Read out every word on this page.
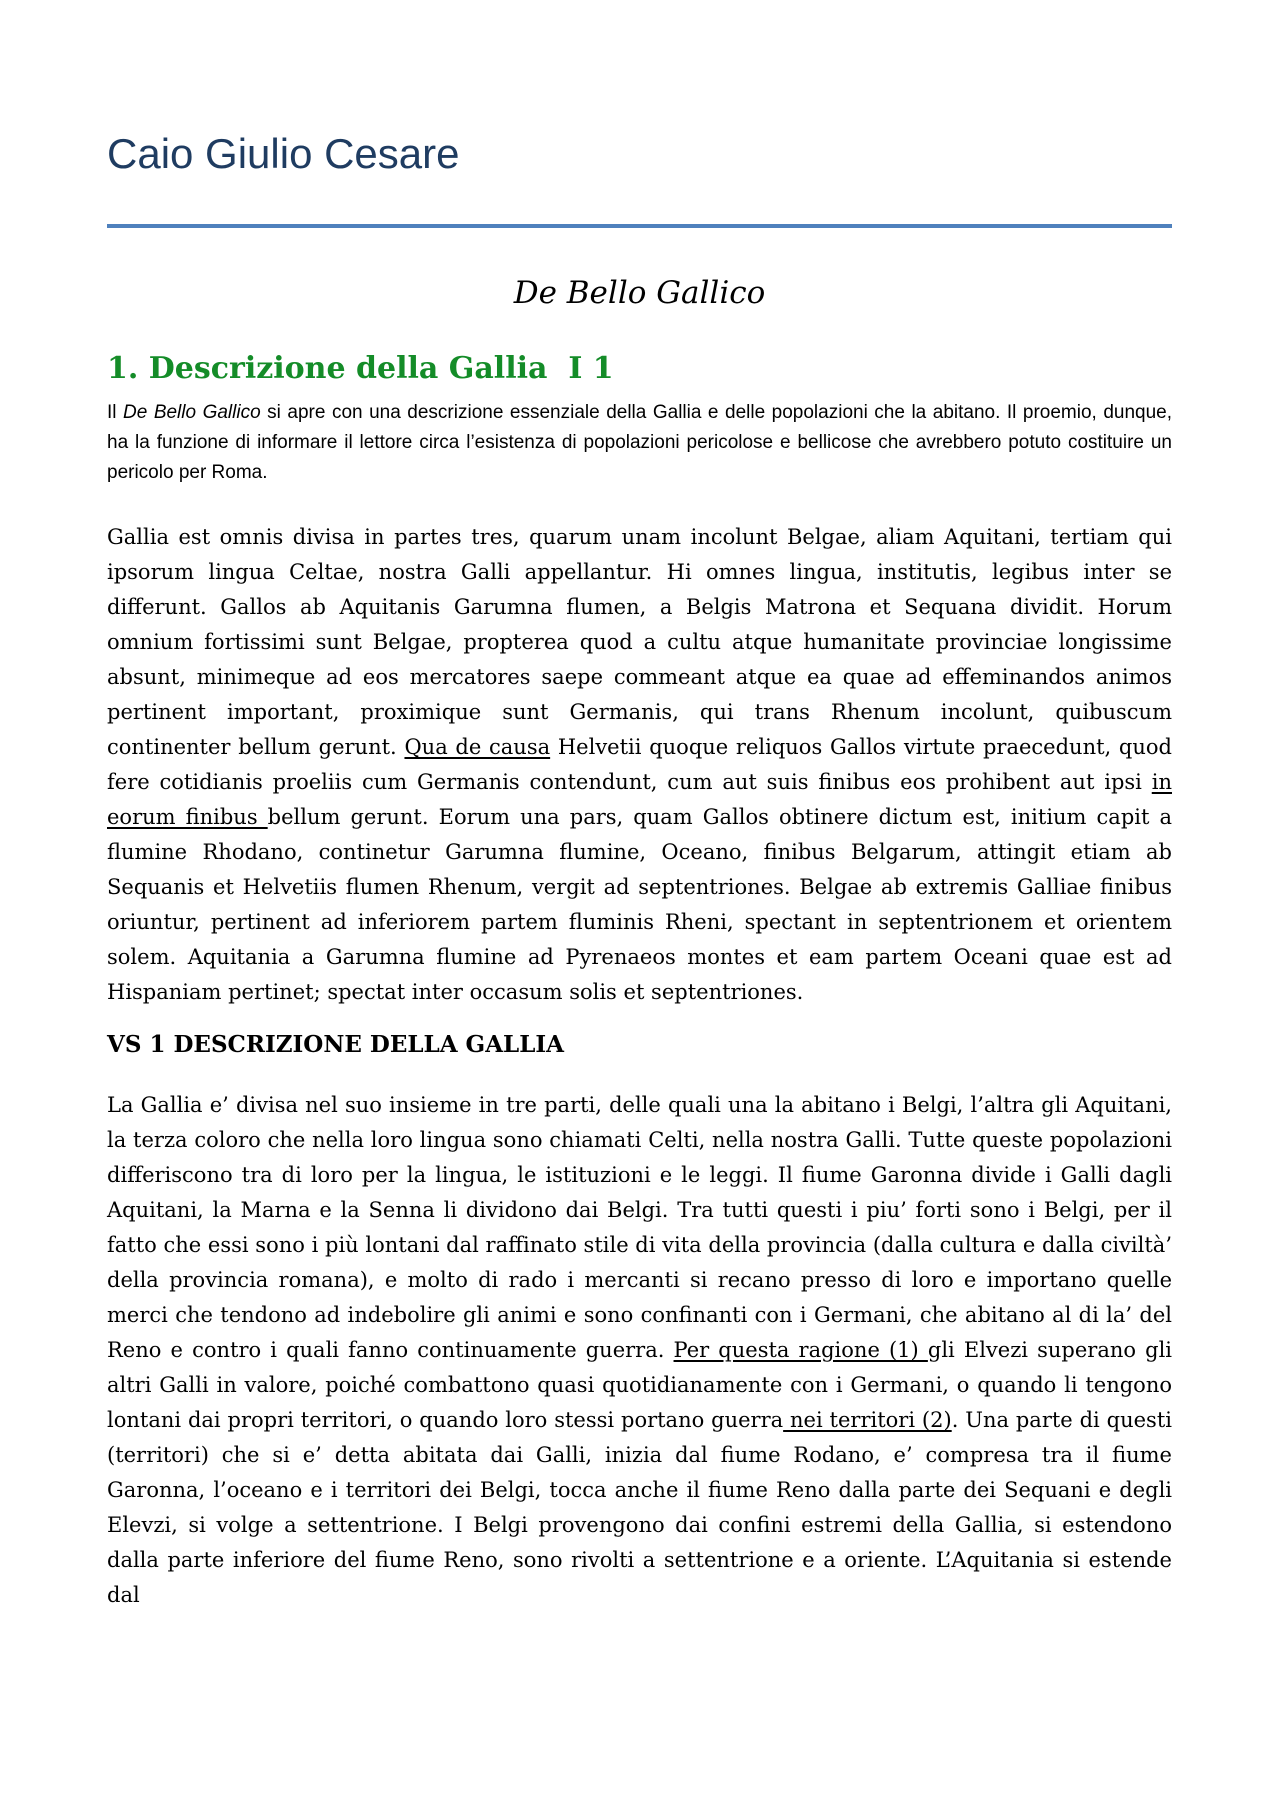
Caio Giulio Cesare
De Bello Gallico
1. Descrizione della Gallia  I 1

Il De Bello Gallico si apre con una descrizione essenziale della Gallia e delle popolazioni che la abitano. Il proemio, dunque, ha la funzione di informare il lettore circa l’esistenza di popolazioni pericolose e bellicose che avrebbero potuto costituire un pericolo per Roma.

Gallia est omnis divisa in partes tres, quarum unam incolunt Belgae, aliam Aquitani, tertiam qui ipsorum lingua Celtae, nostra Galli appellantur. Hi omnes lingua, institutis, legibus inter se differunt. Gallos ab Aquitanis Garumna flumen, a Belgis Matrona et Sequana dividit. Horum omnium fortissimi sunt Belgae, propterea quod a cultu atque humanitate provinciae longissime absunt, minimeque ad eos mercatores saepe commeant atque ea quae ad effeminandos animos pertinent important, proximique sunt Germanis, qui trans Rhenum incolunt, quibuscum continenter bellum gerunt. Qua de causa Helvetii quoque reliquos Gallos virtute praecedunt, quod fere cotidianis proeliis cum Germanis contendunt, cum aut suis finibus eos prohibent aut ipsi in eorum finibus bellum gerunt. Eorum una pars, quam Gallos obtinere dictum est, initium capit a flumine Rhodano, continetur Garumna flumine, Oceano, finibus Belgarum, attingit etiam ab Sequanis et Helvetiis flumen Rhenum, vergit ad septentriones. Belgae ab extremis Galliae finibus oriuntur, pertinent ad inferiorem partem fluminis Rheni, spectant in septentrionem et orientem solem. Aquitania a Garumna flumine ad Pyrenaeos montes et eam partem Oceani quae est ad Hispaniam pertinet; spectat inter occasum solis et septentriones.

VS 1 DESCRIZIONE DELLA GALLIA

La Gallia e’ divisa nel suo insieme in tre parti, delle quali una la abitano i Belgi, l’altra gli Aquitani, la terza coloro che nella loro lingua sono chiamati Celti, nella nostra Galli. Tutte queste popolazioni differiscono tra di loro per la lingua, le istituzioni e le leggi. Il fiume Garonna divide i Galli dagli Aquitani, la Marna e la Senna li dividono dai Belgi. Tra tutti questi i piu’ forti sono i Belgi, per il fatto che essi sono i più lontani dal raffinato stile di vita della provincia (dalla cultura e dalla civiltà’ della provincia romana), e molto di rado i mercanti si recano presso di loro e importano quelle merci che tendono ad indebolire gli animi e sono confinanti con i Germani, che abitano al di la’ del Reno e contro i quali fanno continuamente guerra. Per questa ragione (1) gli Elvezi superano gli altri Galli in valore, poiché combattono quasi quotidianamente con i Germani, o quando li tengono lontani dai propri territori, o quando loro stessi portano guerra nei territori (2). Una parte di questi (territori) che si e’ detta abitata dai Galli, inizia dal fiume Rodano, e’ compresa tra il fiume Garonna, l’oceano e i territori dei Belgi, tocca anche il fiume Reno dalla parte dei Sequani e degli Elevzi, si volge a settentrione. I Belgi provengono dai confini estremi della Gallia, si estendono dalla parte inferiore del fiume Reno, sono rivolti a settentrione e a oriente. L’Aquitania si estende dal
